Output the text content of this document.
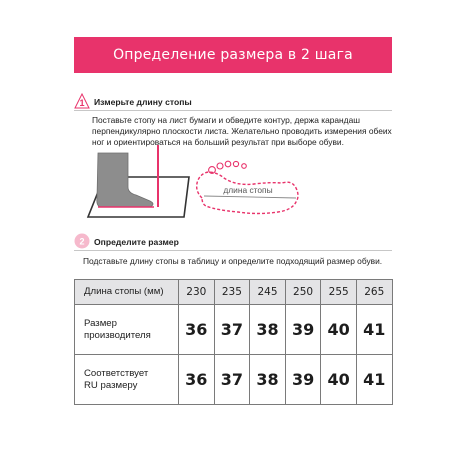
Определение размера в 2 шага
1 Измерьте длину стопы
Поставьте стопу на лист бумаги и обведите контур, держа карандаш
перпендикулярно плоскости листа. Желательно проводить измерения обеих
ног и ориентироваться на больший результат при выборе обуви.
длина стопы
2 Определите размер
Подставьте длину стопы в таблицу и определите подходящий размер обуви.
Длина стопы (мм)	230	235	245	250	255	265

Размер
производителя	36	37	38	39	40	41

Соответствует
RU размеру	36	37	38	39	40	41
